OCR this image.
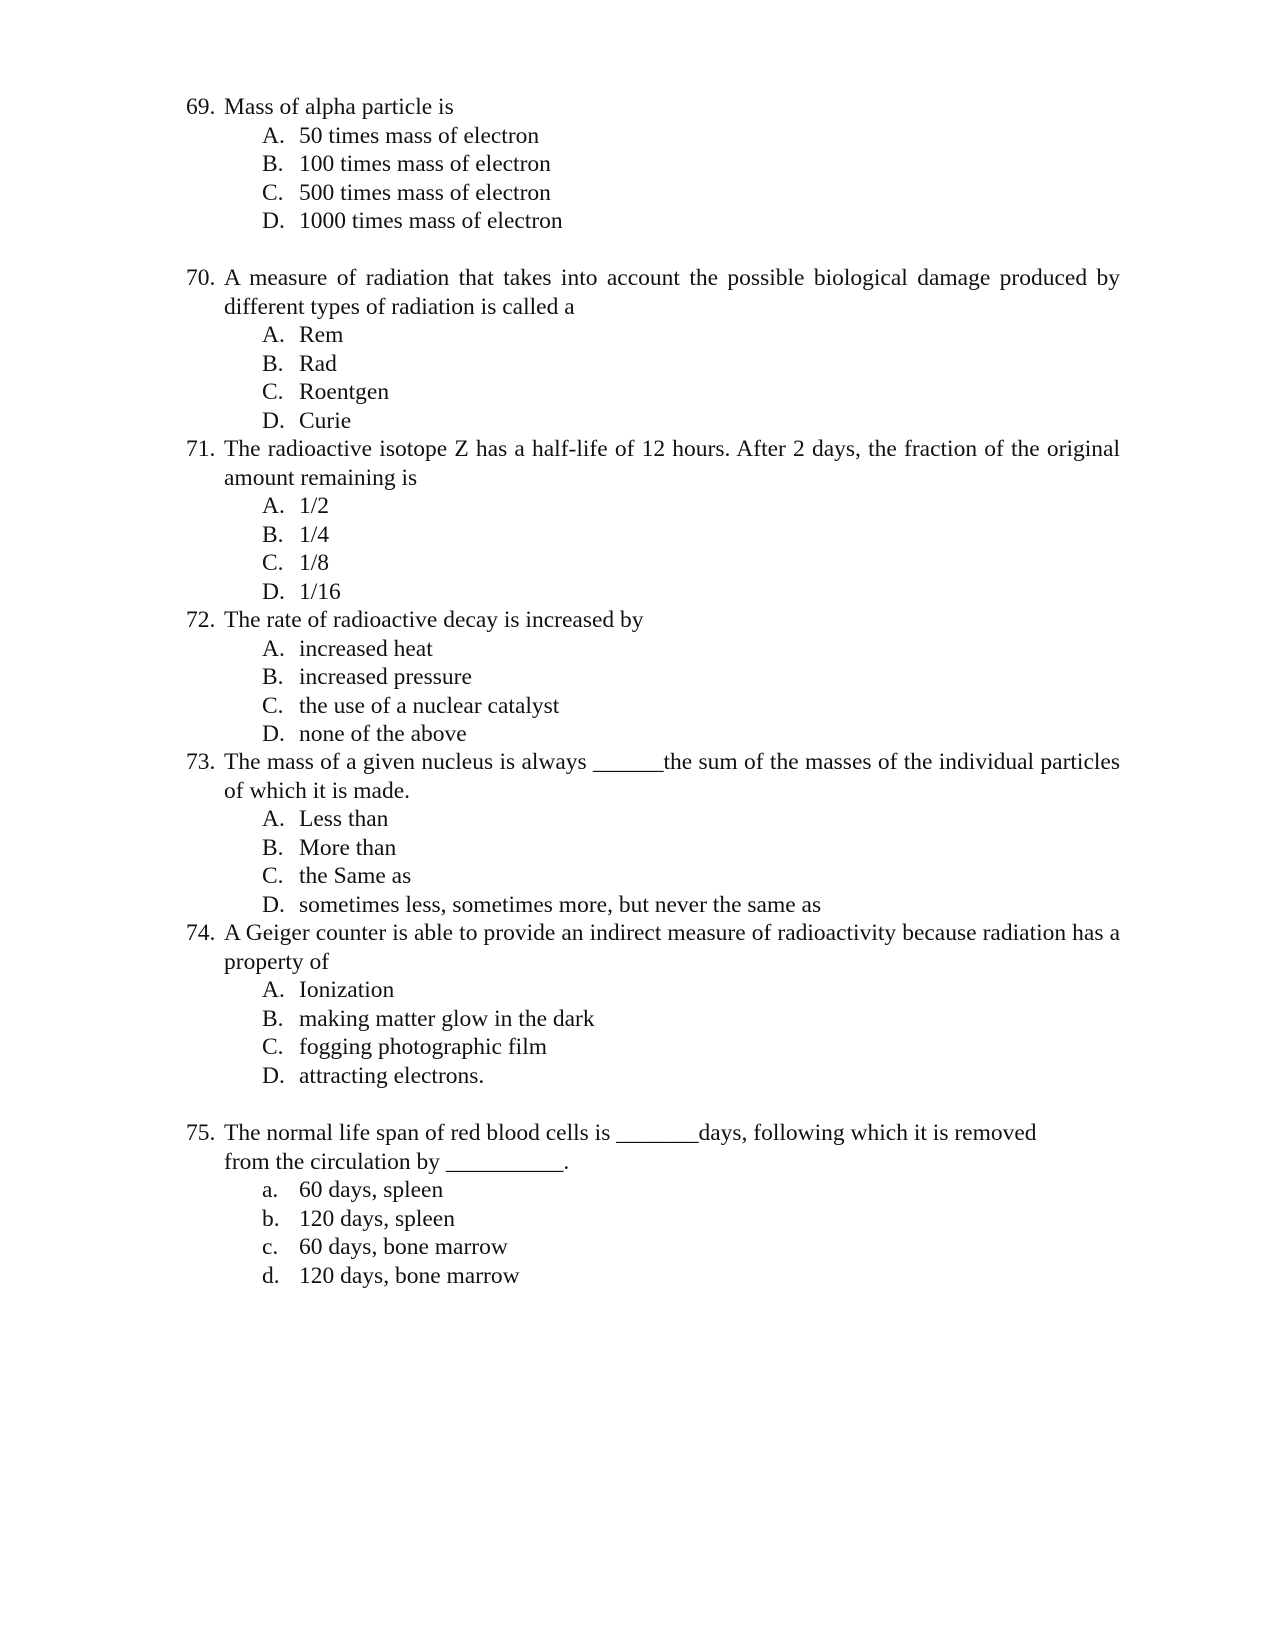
69. Mass of alpha particle is
A. 50 times mass of electron
B. 100 times mass of electron
C. 500 times mass of electron
D. 1000 times mass of electron
70. A measure of radiation that takes into account the possible biological damage produced by different types of radiation is called a
A. Rem
B. Rad
C. Roentgen
D. Curie
71. The radioactive isotope Z has a half-life of 12 hours. After 2 days, the fraction of the original amount remaining is
A. 1/2
B. 1/4
C. 1/8
D. 1/16
72. The rate of radioactive decay is increased by
A. increased heat
B. increased pressure
C. the use of a nuclear catalyst
D. none of the above
73. The mass of a given nucleus is always ______the sum of the masses of the individual particles of which it is made.
A. Less than
B. More than
C. the Same as
D. sometimes less, sometimes more, but never the same as
74. A Geiger counter is able to provide an indirect measure of radioactivity because radiation has a property of
A. Ionization
B. making matter glow in the dark
C. fogging photographic film
D. attracting electrons.
75. The normal life span of red blood cells is _______days, following which it is removed from the circulation by __________.
a. 60 days, spleen
b. 120 days, spleen
c. 60 days, bone marrow
d. 120 days, bone marrow
